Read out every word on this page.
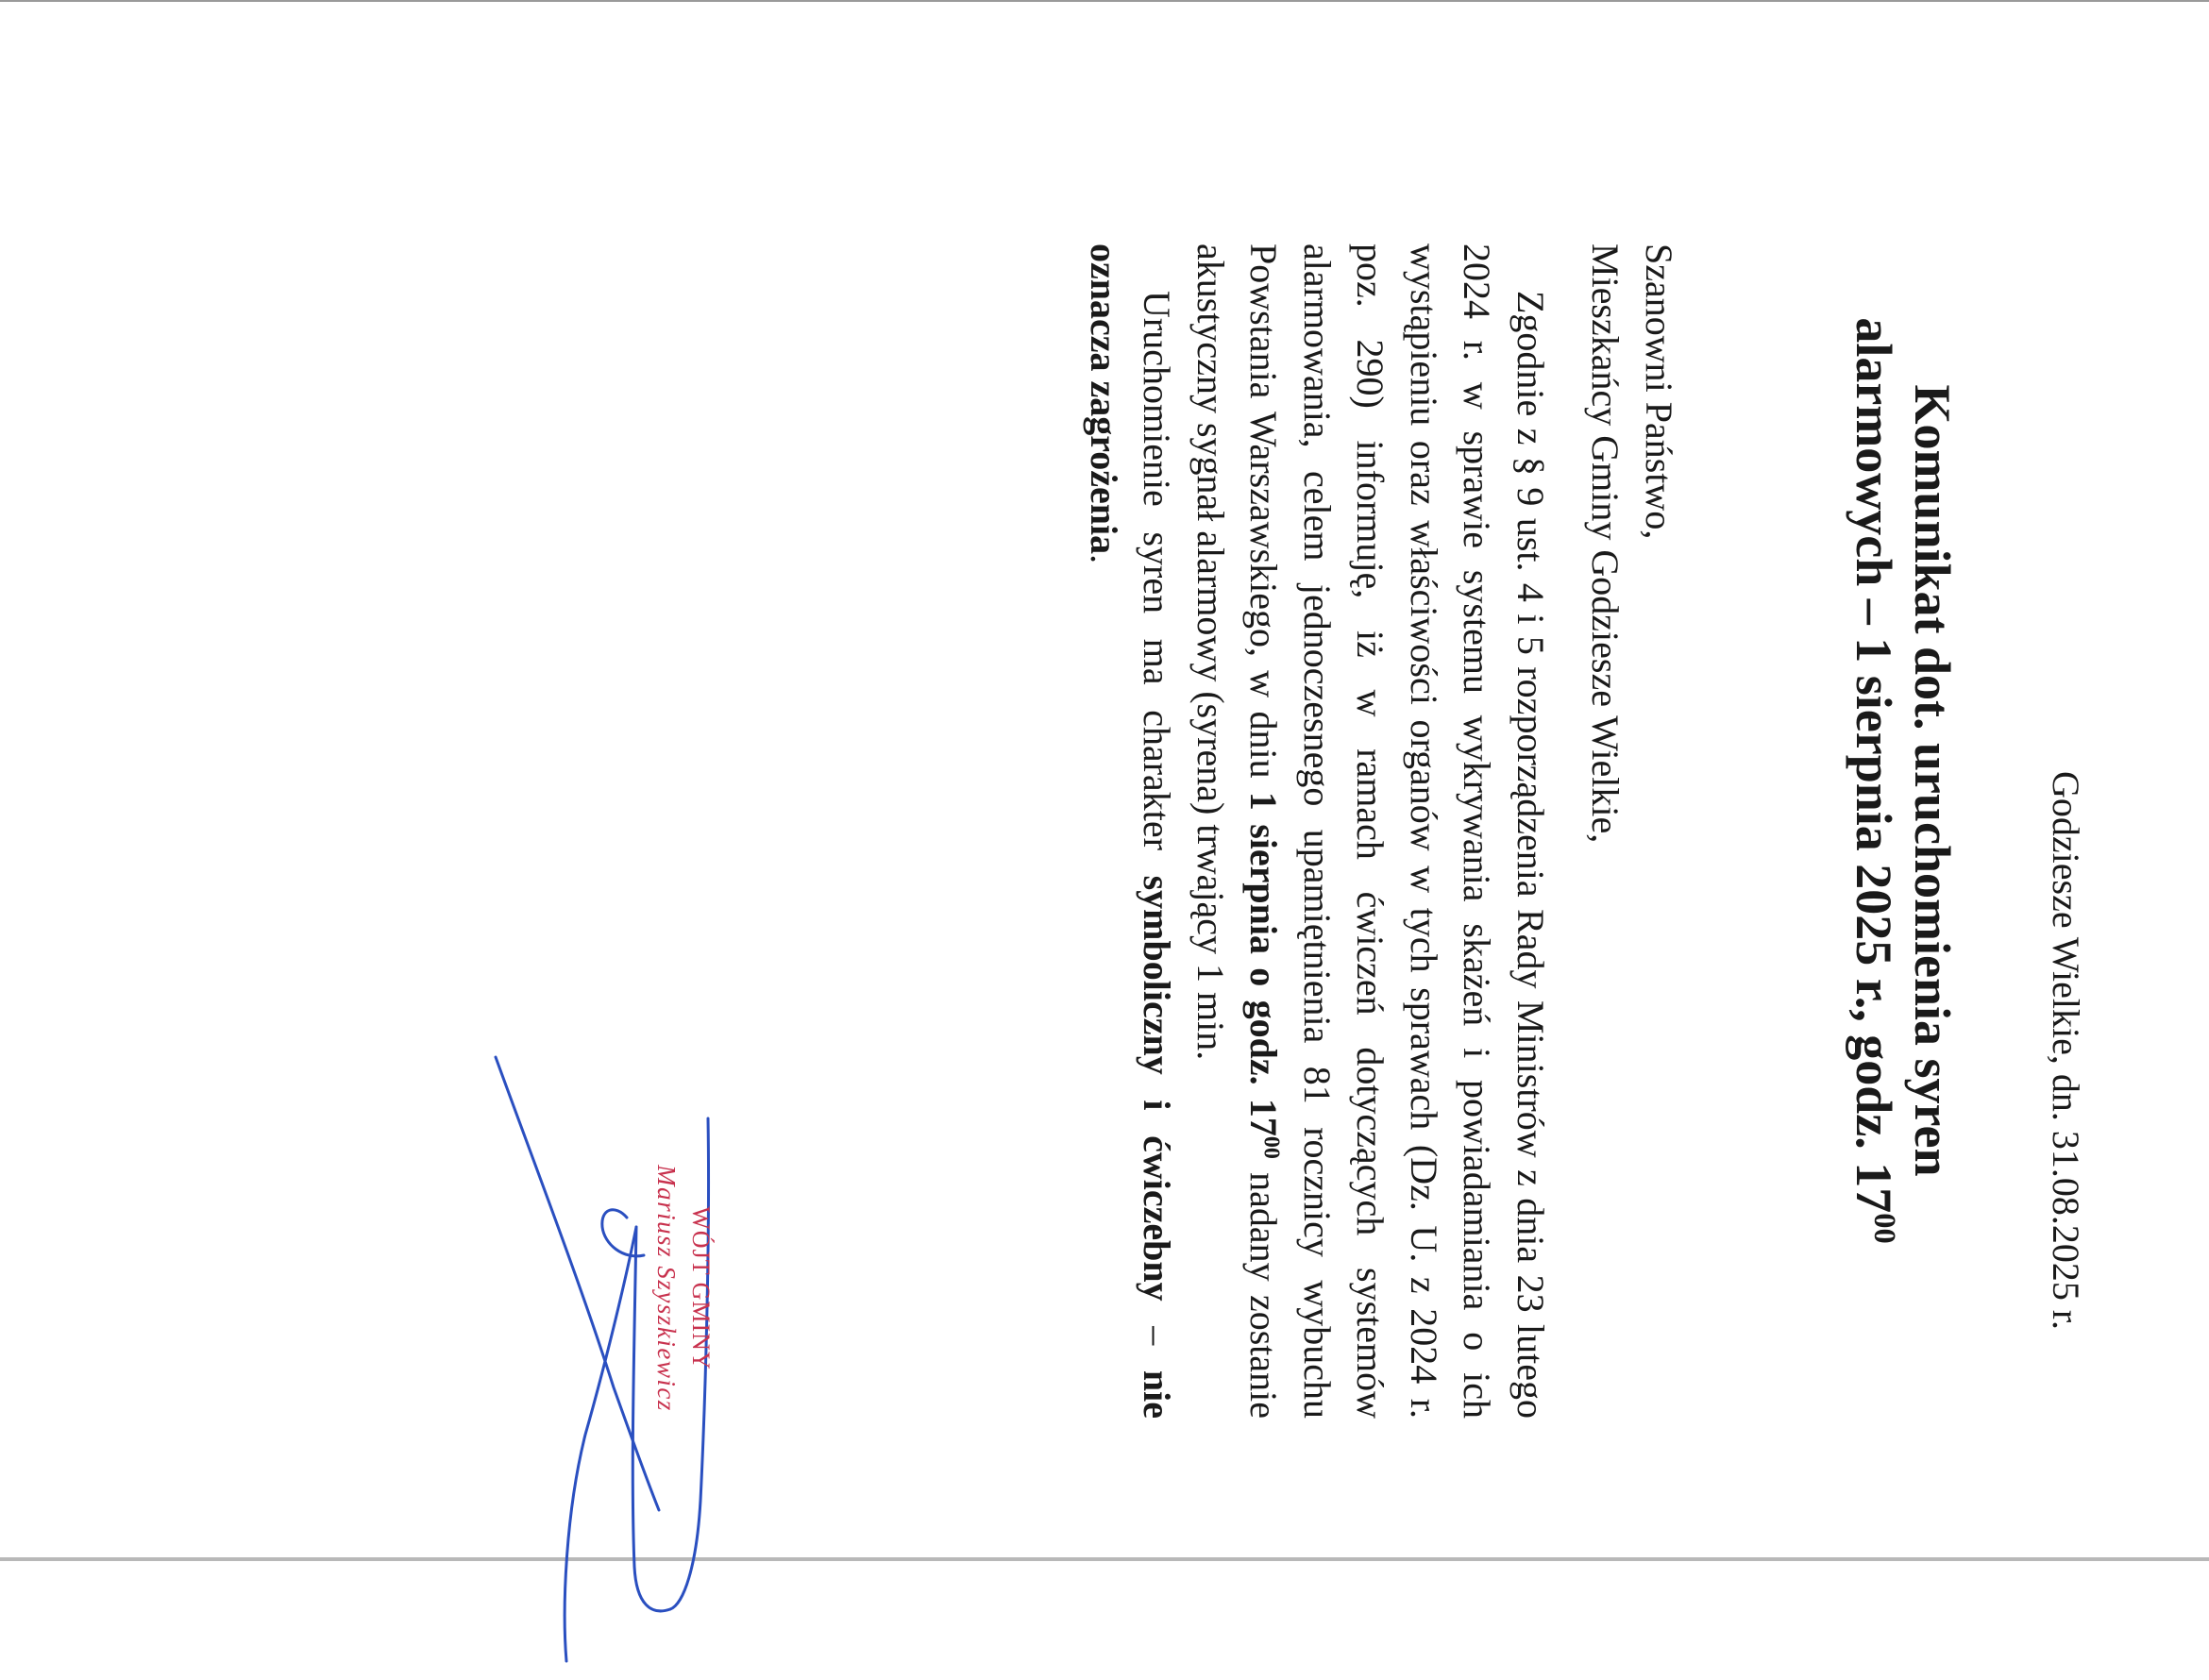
Godziesze Wielkie, dn. 31.08.2025 r.
Komunikat dot. uruchomienia syren
alarmowych – 1 sierpnia 2025 r., godz. $17^{00}$

Szanowni Państwo,

Mieszkańcy Gminy Godziesze Wielkie,

Zgodnie z § 9 ust. 4 i 5 rozporządzenia Rady Ministrów z dnia 23 lutego 2024 r. w sprawie systemu wykrywania skażeń i powiadamiania o ich wystąpieniu oraz właściwości organów w tych sprawach (Dz. U. z 2024 r. poz. 290) informuję, iż w ramach ćwiczeń dotyczących systemów alarmowania, celem jednoczesnego upamiętnienia 81 rocznicy wybuchu Powstania Warszawskiego, w dniu 1 sierpnia o godz. $17^{00}$ nadany zostanie akustyczny sygnał alarmowy (syrena) trwający 1 min.

Uruchomienie syren ma charakter symboliczny i ćwiczebny – nie oznacza zagrożenia.

WÓJT GMINY
Mariusz Szyszkiewicz
